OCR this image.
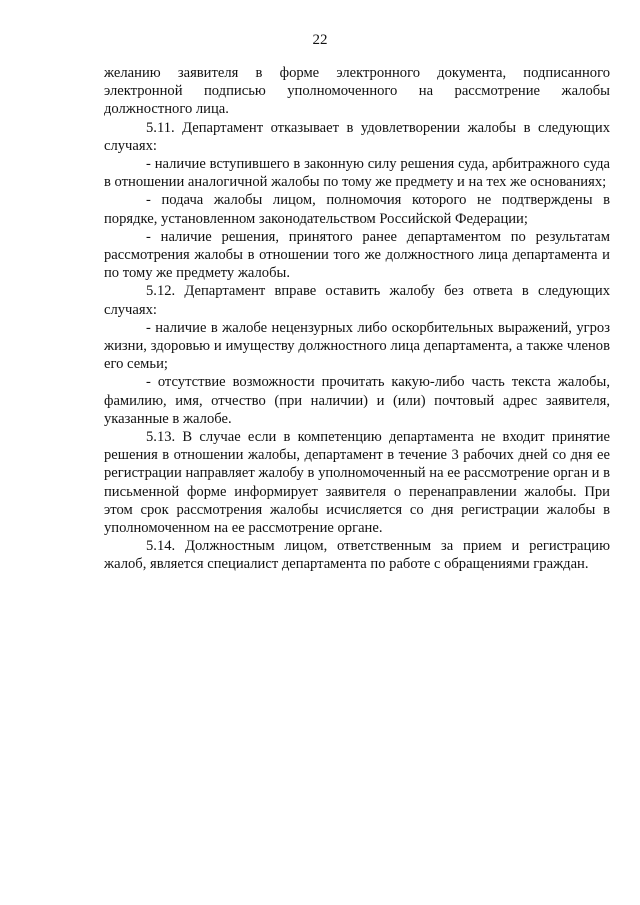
22

желанию заявителя в форме электронного документа, подписанного электронной подписью уполномоченного на рассмотрение жалобы должностного лица.

5.11. Департамент отказывает в удовлетворении жалобы в следующих случаях:

- наличие вступившего в законную силу решения суда, арбитражного суда в отношении аналогичной жалобы по тому же предмету и на тех же основаниях;

- подача жалобы лицом, полномочия которого не подтверждены в порядке, установленном законодательством Российской Федерации;

- наличие решения, принятого ранее департаментом по результатам рассмотрения жалобы в отношении того же должностного лица департамента и по тому же предмету жалобы.

5.12. Департамент вправе оставить жалобу без ответа в следующих случаях:

- наличие в жалобе нецензурных либо оскорбительных выражений, угроз жизни, здоровью и имуществу должностного лица департамента, а также членов его семьи;

- отсутствие возможности прочитать какую-либо часть текста жалобы, фамилию, имя, отчество (при наличии) и (или) почтовый адрес заявителя, указанные в жалобе.

5.13. В случае если в компетенцию департамента не входит принятие решения в отношении жалобы, департамент в течение 3 рабочих дней со дня ее регистрации направляет жалобу в уполномоченный на ее рассмотрение орган и в письменной форме информирует заявителя о перенаправлении жалобы. При этом срок рассмотрения жалобы исчисляется со дня регистрации жалобы в уполномоченном на ее рассмотрение органе.

5.14. Должностным лицом, ответственным за прием и регистрацию жалоб, является специалист департамента по работе с обращениями граждан.
